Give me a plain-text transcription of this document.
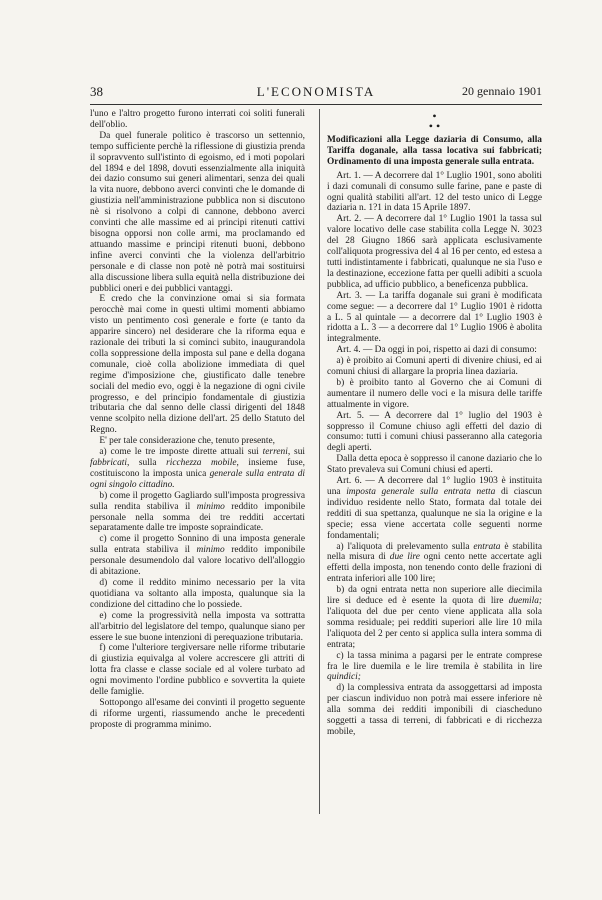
38	L'ECONOMISTA	20 gennaio 1901

l'uno e l'altro progetto furono interrati coi soliti funerali dell'oblio.

Da quel funerale politico è trascorso un settennio, tempo sufficiente perchè la riflessione di giustizia prenda il sopravvento sull'istinto di egoismo, ed i moti popolari del 1894 e del 1898, dovuti essenzialmente alla iniquità dei dazio consumo sui generi alimentari, senza dei quali la vita nuore, debbono averci convinti che le domande di giustizia nell'amministrazione pubblica non si discutono nè si risolvono a colpi di cannone, debbono averci convinti che alle massime ed ai principi ritenuti cattivi bisogna opporsi non colle armi, ma proclamando ed attuando massime e principi ritenuti buoni, debbono infine averci convinti che la violenza dell'arbitrio personale e di classe non potè nè potrà mai sostituirsi alla discussione libera sulla equità nella distribuzione dei pubblici oneri e dei pubblici vantaggi.

E credo che la convinzione omai si sia formata perocchè mai come in questi ultimi momenti abbiamo visto un pentimento così generale e forte (e tanto da apparire sincero) nel desiderare che la riforma equa e razionale dei tributi la si cominci subito, inaugurandola colla soppressione della imposta sul pane e della dogana comunale, cioè colla abolizione immediata di quel regime d'imposizione che, giustificato dalle tenebre sociali del medio evo, oggi è la negazione di ogni civile progresso, e del principio fondamentale di giustizia tributaria che dal senno delle classi dirigenti del 1848 venne scolpito nella dizione dell'art. 25 dello Statuto del Regno.

E' per tale considerazione che, tenuto presente,

a) come le tre imposte dirette attuali sui terreni, sui fabbricati, sulla ricchezza mobile, insieme fuse, costituiscono la imposta unica generale sulla entrata di ogni singolo cittadino.

b) come il progetto Gagliardo sull'imposta progressiva sulla rendita stabiliva il minimo reddito imponibile personale nella somma dei tre redditi accertati separatamente dalle tre imposte sopraindicate.

c) come il progetto Sonnino di una imposta generale sulla entrata stabiliva il minimo reddito imponibile personale desumendolo dal valore locativo dell'alloggio di abitazione.

d) come il reddito minimo necessario per la vita quotidiana va soltanto alla imposta, qualunque sia la condizione del cittadino che lo possiede.

e) come la progressività nella imposta va sottratta all'arbitrio del legislatore del tempo, qualunque siano per essere le sue buone intenzioni di perequazione tributaria.

f) come l'ulteriore tergiversare nelle riforme tributarie di giustizia equivalga al volere accrescere gli attriti di lotta fra classe e classe sociale ed al volere turbato ad ogni movimento l'ordine pubblico e sovvertita la quiete delle famiglie.

Sottopongo all'esame dei convinti il progetto seguente di riforme urgenti, riassumendo anche le precedenti proposte di programma minimo.

•
• •

Modificazioni alla Legge daziaria di Consumo, alla Tariffa doganale, alla tassa locativa sui fabbricati; Ordinamento di una imposta generale sulla entrata.

Art. 1. — A decorrere dal 1° Luglio 1901, sono aboliti i dazi comunali di consumo sulle farine, pane e paste di ogni qualità stabiliti all'art. 12 del testo unico di Legge daziaria n. 1?1 in data 15 Aprile 1897.

Art. 2. — A decorrere dal 1° Luglio 1901 la tassa sul valore locativo delle case stabilita colla Legge N. 3023 del 28 Giugno 1866 sarà applicata esclusivamente coll'aliquota progressiva del 4 al 16 per cento, ed estesa a tutti indistintamente i fabbricati, qualunque ne sia l'uso e la destinazione, eccezione fatta per quelli adibiti a scuola pubblica, ad ufficio pubblico, a beneficenza pubblica.

Art. 3. — La tariffa doganale sui grani è modificata come segue: — a decorrere dal 1° Luglio 1901 è ridotta a L. 5 al quintale — a decorrere dal 1° Luglio 1903 è ridotta a L. 3 — a decorrere dal 1° Luglio 1906 è abolita integralmente.

Art. 4. — Da oggi in poi, rispetto ai dazi di consumo:

a) è proibito ai Comuni aperti di divenire chiusi, ed ai comuni chiusi di allargare la propria linea daziaria.

b) è proibito tanto al Governo che ai Comuni di aumentare il numero delle voci e la misura delle tariffe attualmente in vigore.

Art. 5. — A decorrere dal 1° luglio del 1903 è soppresso il Comune chiuso agli effetti del dazio di consumo: tutti i comuni chiusi passeranno alla categoria degli aperti.

Dalla detta epoca è soppresso il canone daziario che lo Stato prevaleva sui Comuni chiusi ed aperti.

Art. 6. — A decorrere dal 1° luglio 1903 è instituita una imposta generale sulla entrata netta di ciascun individuo residente nello Stato, formata dal totale dei redditi di sua spettanza, qualunque ne sia la origine e la specie; essa viene accertata colle seguenti norme fondamentali;

a) l'aliquota di prelevamento sulla entrata è stabilita nella misura di due lire ogni cento nette accertate agli effetti della imposta, non tenendo conto delle frazioni di entrata inferiori alle 100 lire;

b) da ogni entrata netta non superiore alle diecimila lire si deduce ed è esente la quota di lire duemila; l'aliquota del due per cento viene applicata alla sola somma residuale; pei redditi superiori alle lire 10 mila l'aliquota del 2 per cento si applica sulla intera somma di entrata;

c) la tassa minima a pagarsi per le entrate comprese fra le lire duemila e le lire tremila è stabilita in lire quindici;

d) la complessiva entrata da assoggettarsi ad imposta per ciascun individuo non potrà mai essere inferiore nè alla somma dei redditi imponibili di ciascheduno soggetti a tassa di terreni, di fabbricati e di ricchezza mobile,
